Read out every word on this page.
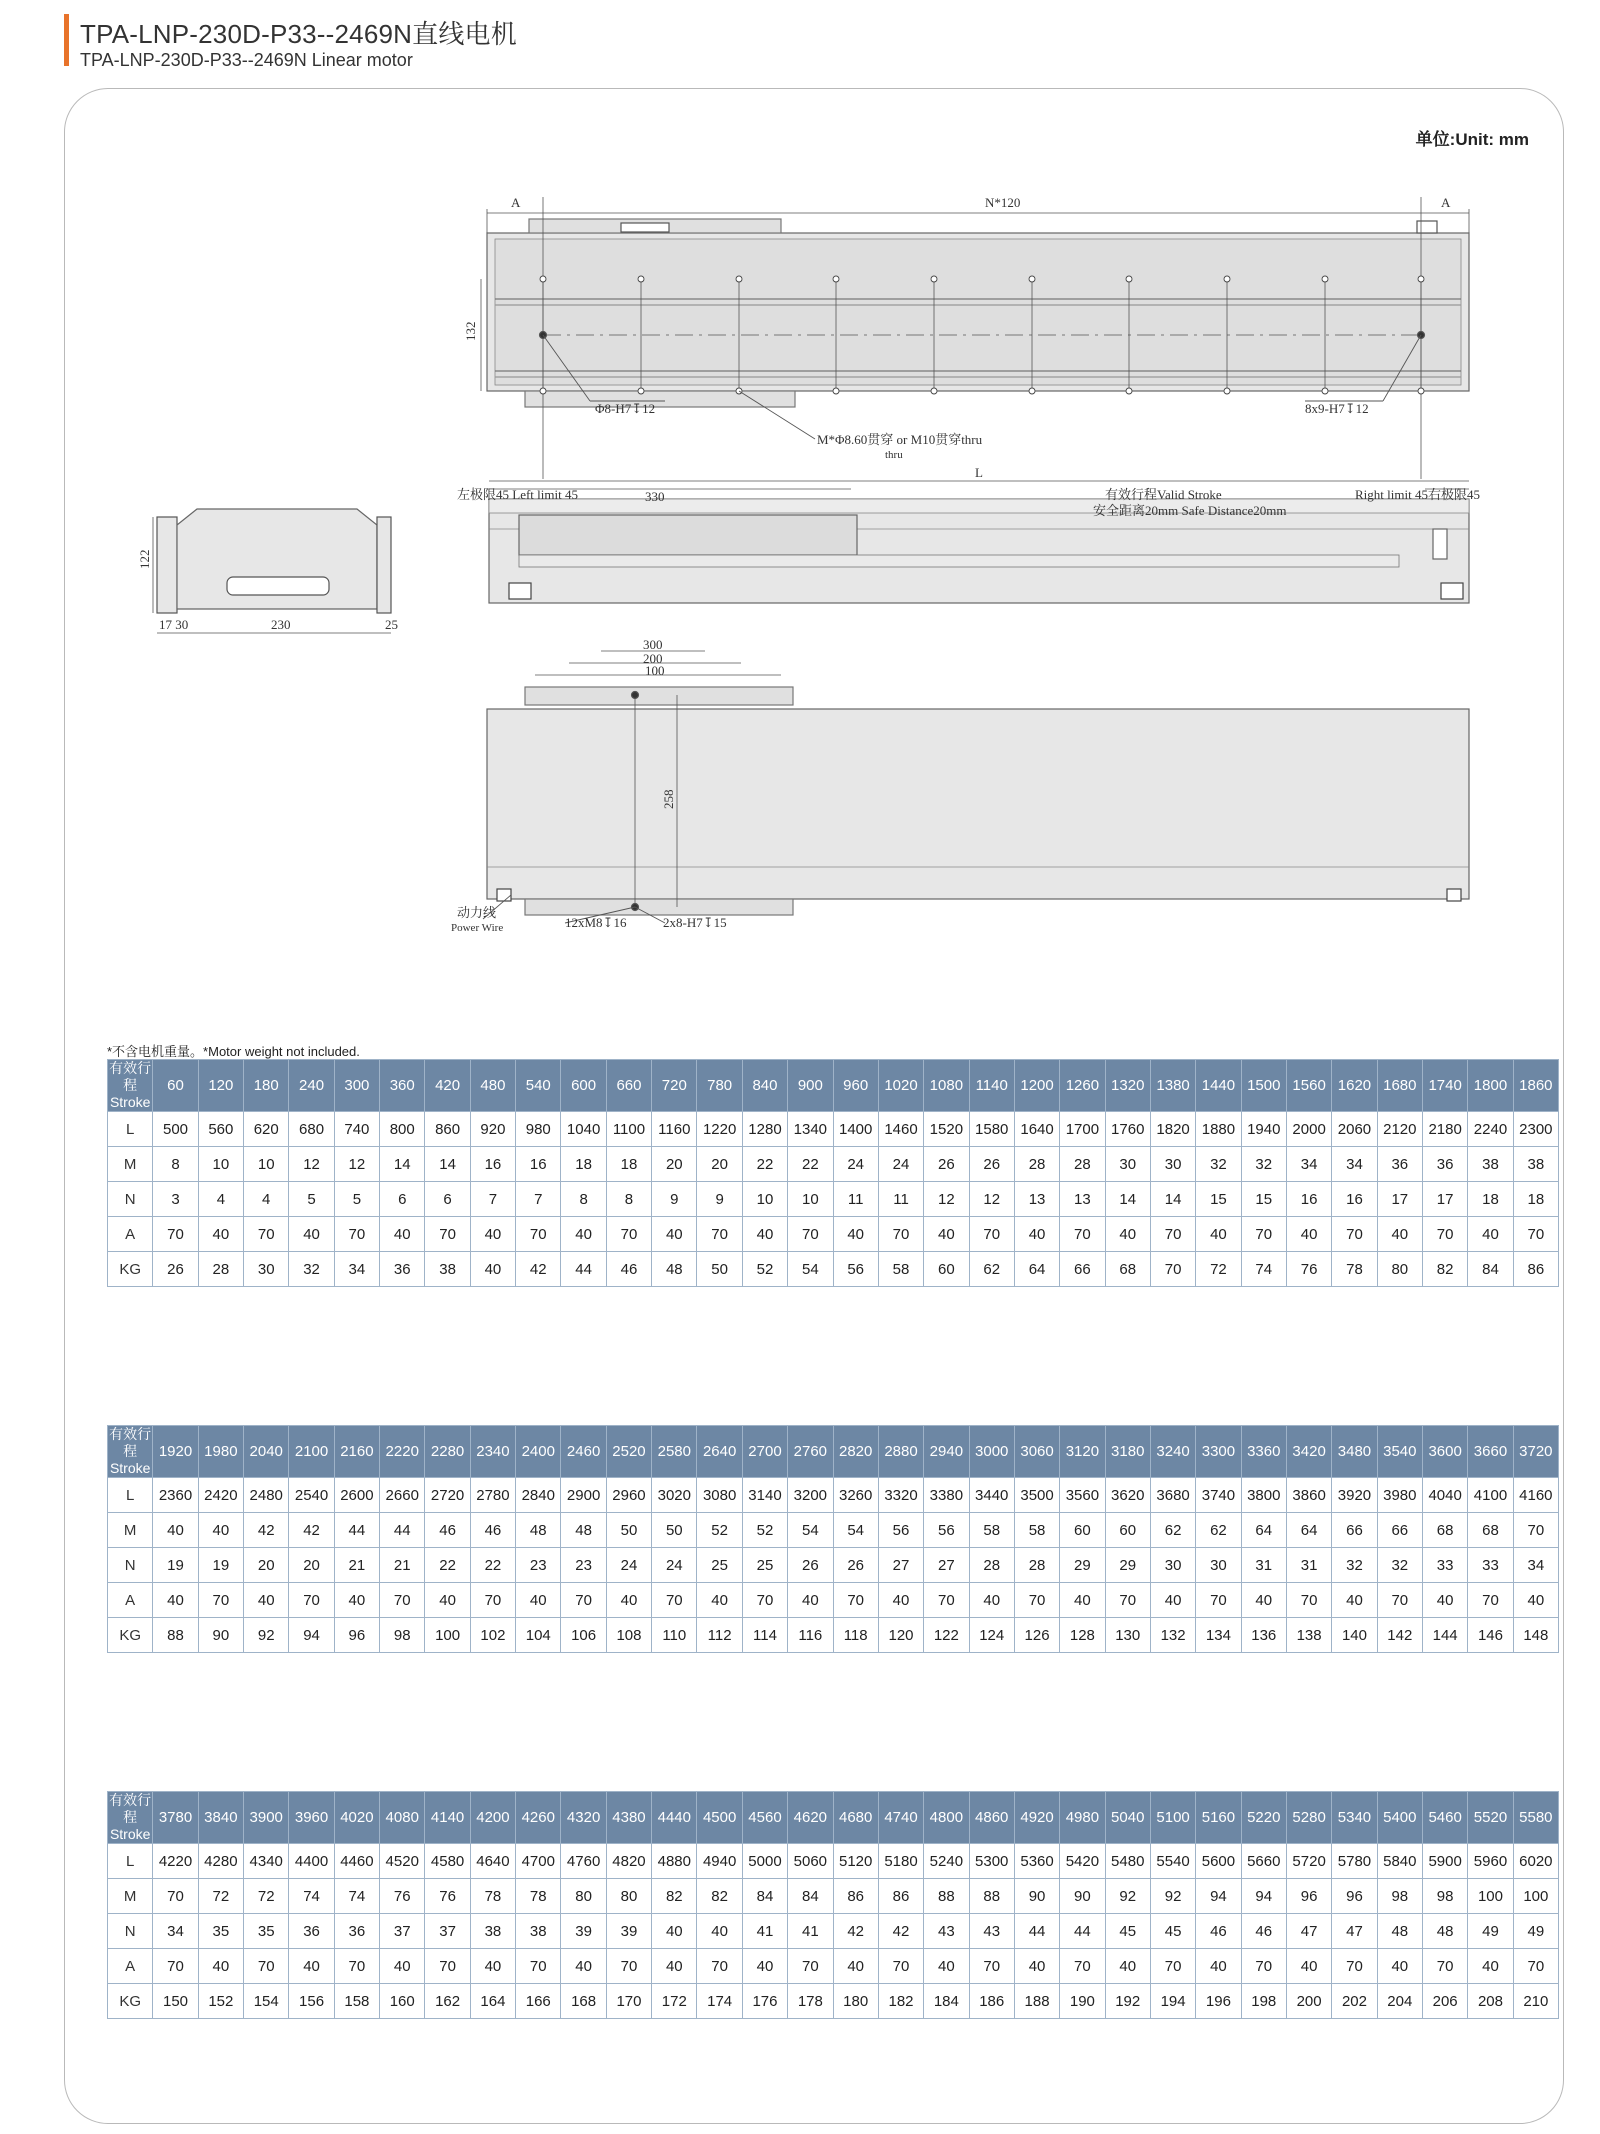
TPA-LNP-230D-P33--2469N直线电机
TPA-LNP-230D-P33--2469N Linear motor
单位:Unit: mm
A	N*120	A
132
Φ8-H7↧12	8x9-H7↧12
M*Φ8.60贯穿 or M10贯穿thru
thru
L
左极限45 Left limit 45	330	有效行程Valid Stroke
安全距离20mm Safe Distance20mm
Right limit 45右极限45
122
17 30	230	25
300
200
100
258
动力线
Power Wire	12xM8↧16	2x8-H7↧15
*不含电机重量。*Motor weight not included.
有效行程
Stroke	60	120	180	240	300	360	420	480	540	600	660	720	780	840	900	960	1020	1080	1140	1200	1260	1320	1380	1440	1500	1560	1620	1680	1740	1800	1860
L	500	560	620	680	740	800	860	920	980	1040	1100	1160	1220	1280	1340	1400	1460	1520	1580	1640	1700	1760	1820	1880	1940	2000	2060	2120	2180	2240	2300
M	8	10	10	12	12	14	14	16	16	18	18	20	20	22	22	24	24	26	26	28	28	30	30	32	32	34	34	36	36	38	38
N	3	4	4	5	5	6	6	7	7	8	8	9	9	10	10	11	11	12	12	13	13	14	14	15	15	16	16	17	17	18	18
A	70	40	70	40	70	40	70	40	70	40	70	40	70	40	70	40	70	40	70	40	70	40	70	40	70	40	70	40	70	40	70
KG	26	28	30	32	34	36	38	40	42	44	46	48	50	52	54	56	58	60	62	64	66	68	70	72	74	76	78	80	82	84	86
有效行程
Stroke	1920	1980	2040	2100	2160	2220	2280	2340	2400	2460	2520	2580	2640	2700	2760	2820	2880	2940	3000	3060	3120	3180	3240	3300	3360	3420	3480	3540	3600	3660	3720
L	2360	2420	2480	2540	2600	2660	2720	2780	2840	2900	2960	3020	3080	3140	3200	3260	3320	3380	3440	3500	3560	3620	3680	3740	3800	3860	3920	3980	4040	4100	4160
M	40	40	42	42	44	44	46	46	48	48	50	50	52	52	54	54	56	56	58	58	60	60	62	62	64	64	66	66	68	68	70
N	19	19	20	20	21	21	22	22	23	23	24	24	25	25	26	26	27	27	28	28	29	29	30	30	31	31	32	32	33	33	34
A	40	70	40	70	40	70	40	70	40	70	40	70	40	70	40	70	40	70	40	70	40	70	40	70	40	70	40	70	40	70	40
KG	88	90	92	94	96	98	100	102	104	106	108	110	112	114	116	118	120	122	124	126	128	130	132	134	136	138	140	142	144	146	148
有效行程
Stroke	3780	3840	3900	3960	4020	4080	4140	4200	4260	4320	4380	4440	4500	4560	4620	4680	4740	4800	4860	4920	4980	5040	5100	5160	5220	5280	5340	5400	5460	5520	5580
L	4220	4280	4340	4400	4460	4520	4580	4640	4700	4760	4820	4880	4940	5000	5060	5120	5180	5240	5300	5360	5420	5480	5540	5600	5660	5720	5780	5840	5900	5960	6020
M	70	72	72	74	74	76	76	78	78	80	80	82	82	84	84	86	86	88	88	90	90	92	92	94	94	96	96	98	98	100	100
N	34	35	35	36	36	37	37	38	38	39	39	40	40	41	41	42	42	43	43	44	44	45	45	46	46	47	47	48	48	49	49
A	70	40	70	40	70	40	70	40	70	40	70	40	70	40	70	40	70	40	70	40	70	40	70	40	70	40	70	40	70	40	70
KG	150	152	154	156	158	160	162	164	166	168	170	172	174	176	178	180	182	184	186	188	190	192	194	196	198	200	202	204	206	208	210
